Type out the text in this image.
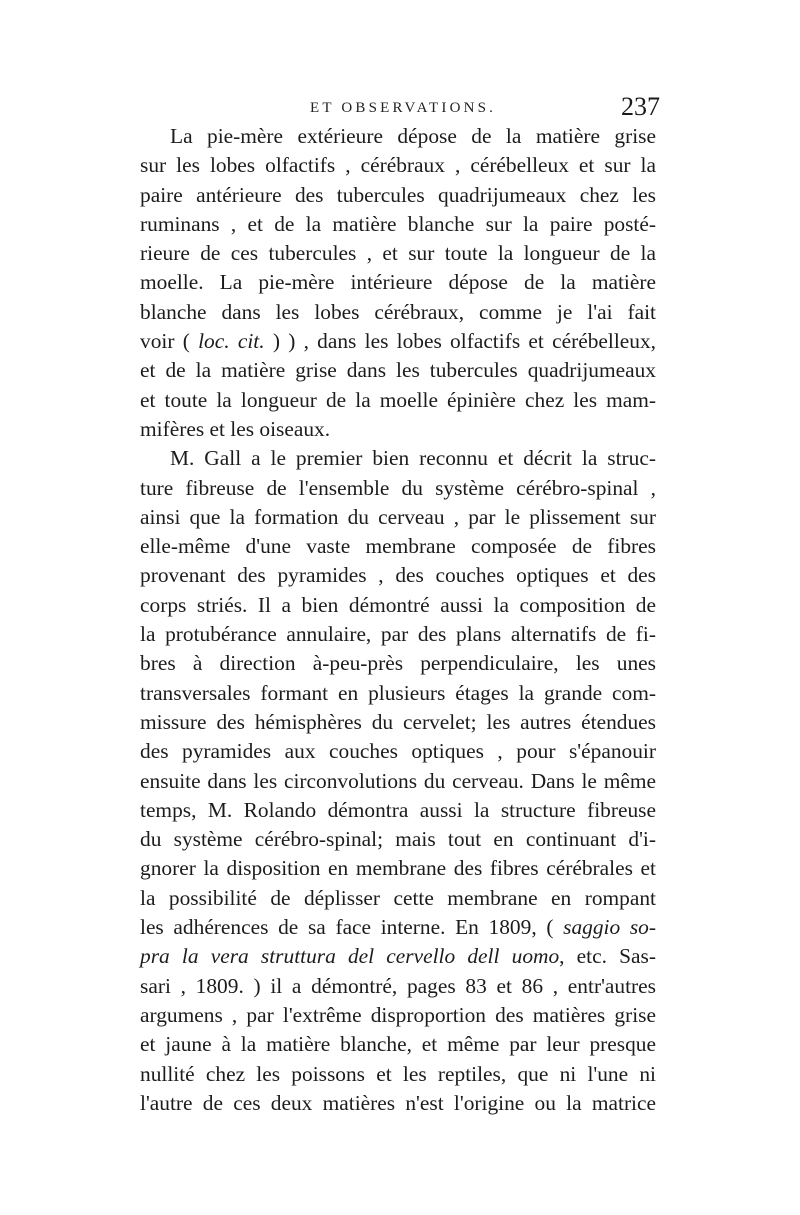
ET OBSERVATIONS.	237
La pie-mère extérieure dépose de la matière grise
sur les lobes olfactifs , cérébraux , cérébelleux et sur la
paire antérieure des tubercules quadrijumeaux chez les
ruminans , et de la matière blanche sur la paire posté-
rieure de ces tubercules , et sur toute la longueur de la
moelle. La pie-mère intérieure dépose de la matière
blanche dans les lobes cérébraux, comme je l'ai fait
voir ( loc. cit. ) ) , dans les lobes olfactifs et cérébelleux,
et de la matière grise dans les tubercules quadrijumeaux
et toute la longueur de la moelle épinière chez les mam-
mifères et les oiseaux.
M. Gall a le premier bien reconnu et décrit la struc-
ture fibreuse de l'ensemble du système cérébro-spinal ,
ainsi que la formation du cerveau , par le plissement sur
elle-même d'une vaste membrane composée de fibres
provenant des pyramides , des couches optiques et des
corps striés. Il a bien démontré aussi la composition de
la protubérance annulaire, par des plans alternatifs de fi-
bres à direction à-peu-près perpendiculaire, les unes
transversales formant en plusieurs étages la grande com-
missure des hémisphères du cervelet; les autres étendues
des pyramides aux couches optiques , pour s'épanouir
ensuite dans les circonvolutions du cerveau. Dans le même
temps, M. Rolando démontra aussi la structure fibreuse
du système cérébro-spinal; mais tout en continuant d'i-
gnorer la disposition en membrane des fibres cérébrales et
la possibilité de déplisser cette membrane en rompant
les adhérences de sa face interne. En 1809, ( saggio so-
pra la vera struttura del cervello dell uomo, etc. Sas-
sari , 1809. ) il a démontré, pages 83 et 86 , entr'autres
argumens , par l'extrême disproportion des matières grise
et jaune à la matière blanche, et même par leur presque
nullité chez les poissons et les reptiles, que ni l'une ni
l'autre de ces deux matières n'est l'origine ou la matrice
